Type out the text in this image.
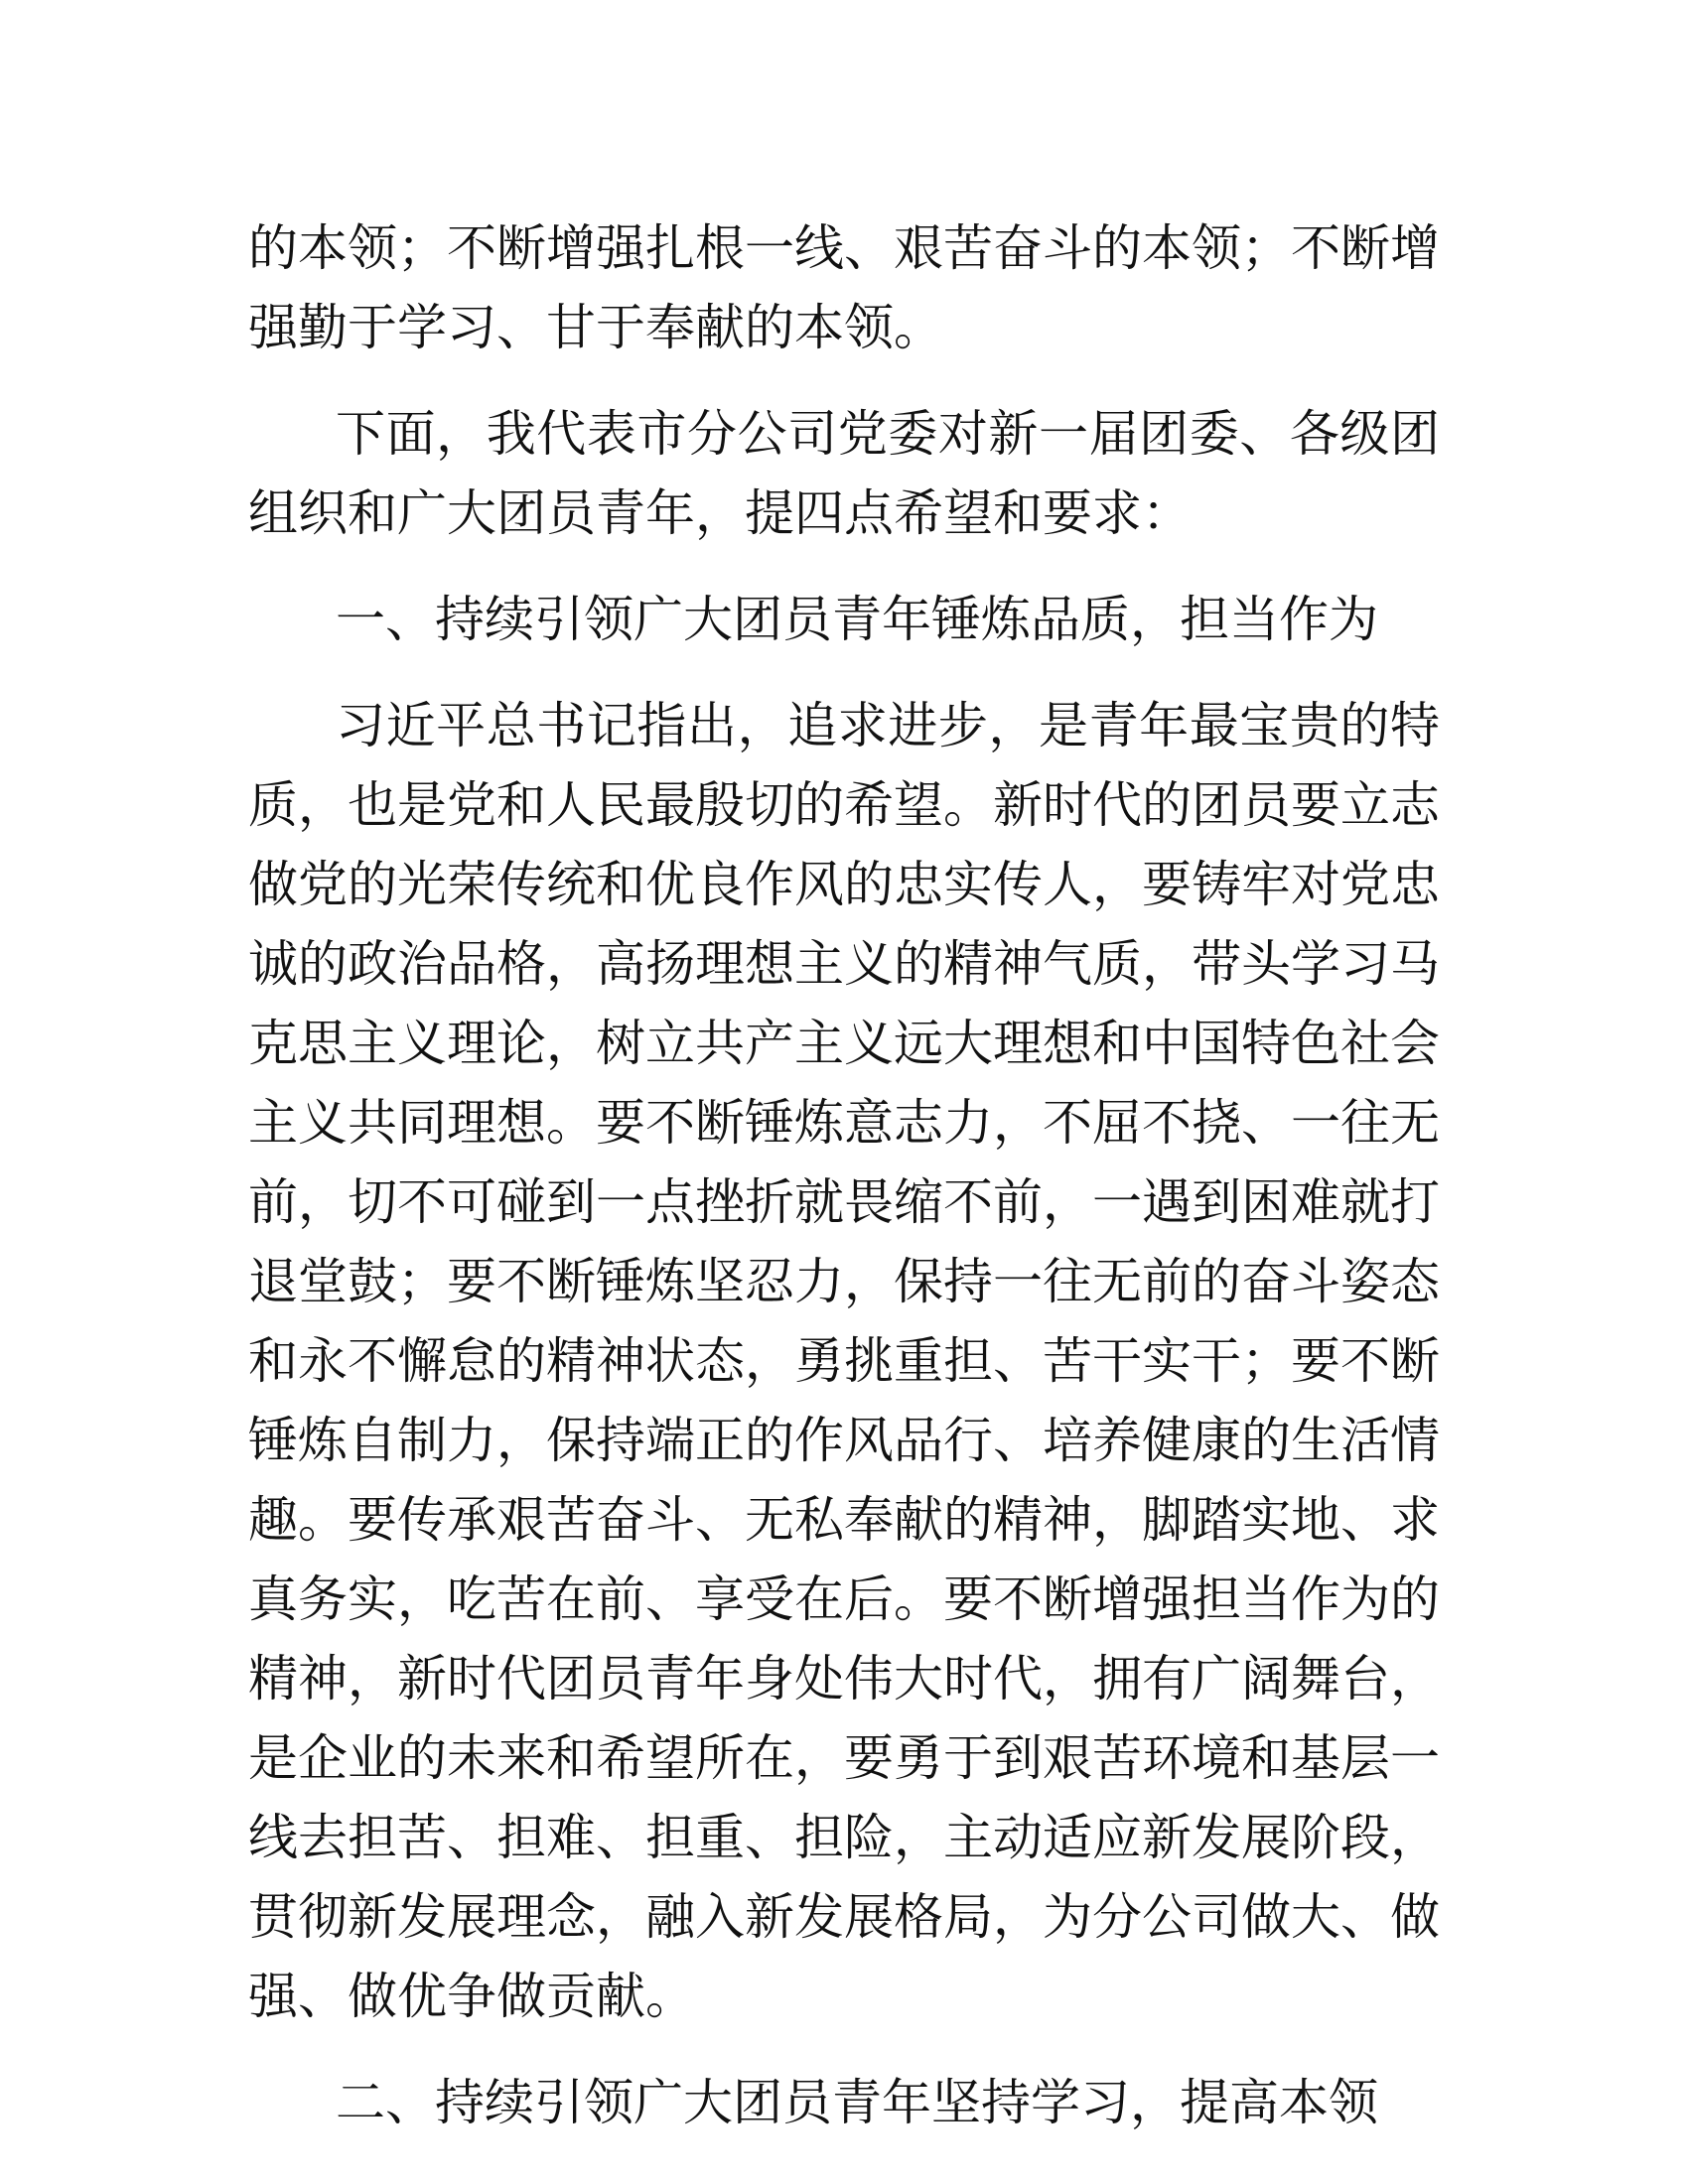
的本领；不断增强扎根一线、艰苦奋斗的本领；不断增强勤于学习、甘于奉献的本领。

下面，我代表市分公司党委对新一届团委、各级团组织和广大团员青年，提四点希望和要求：

一、持续引领广大团员青年锤炼品质，担当作为

习近平总书记指出，追求进步，是青年最宝贵的特质，也是党和人民最殷切的希望。新时代的团员要立志做党的光荣传统和优良作风的忠实传人，要铸牢对党忠诚的政治品格，高扬理想主义的精神气质，带头学习马克思主义理论，树立共产主义远大理想和中国特色社会主义共同理想。要不断锤炼意志力，不屈不挠、一往无前，切不可碰到一点挫折就畏缩不前，一遇到困难就打退堂鼓；要不断锤炼坚忍力，保持一往无前的奋斗姿态和永不懈怠的精神状态，勇挑重担、苦干实干；要不断锤炼自制力，保持端正的作风品行、培养健康的生活情趣。要传承艰苦奋斗、无私奉献的精神，脚踏实地、求真务实，吃苦在前、享受在后。要不断增强担当作为的精神，新时代团员青年身处伟大时代，拥有广阔舞台，是企业的未来和希望所在，要勇于到艰苦环境和基层一线去担苦、担难、担重、担险，主动适应新发展阶段，贯彻新发展理念，融入新发展格局，为分公司做大、做强、做优争做贡献。

二、持续引领广大团员青年坚持学习，提高本领
